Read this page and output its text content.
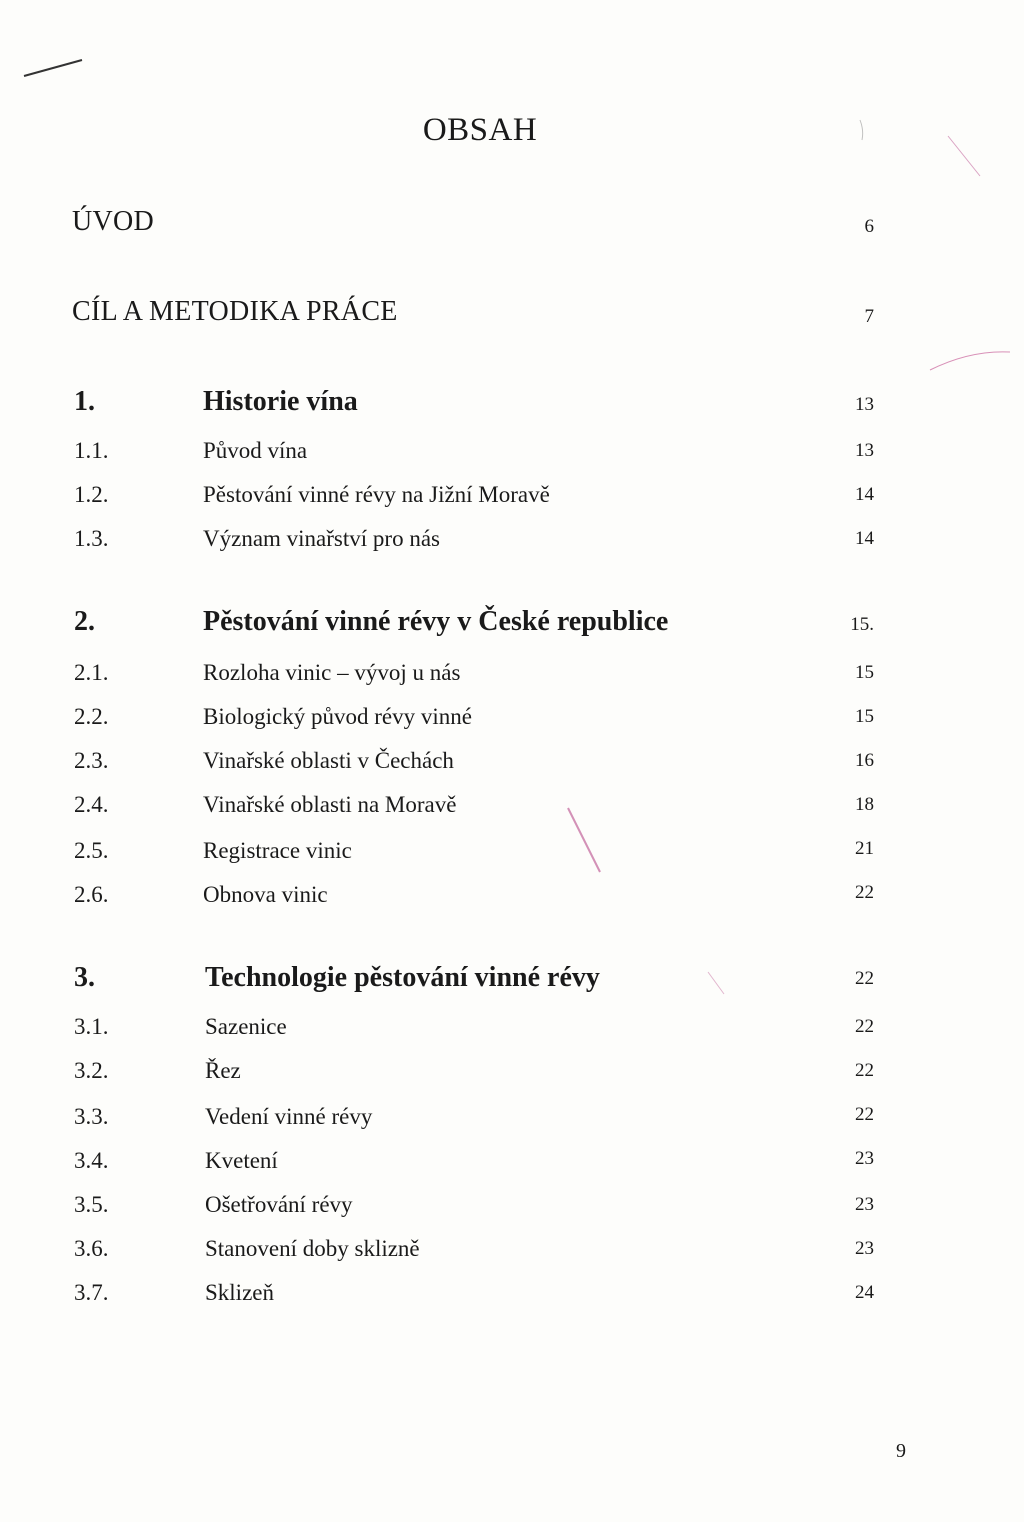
OBSAH
ÚVOD	6
CÍL A METODIKA PRÁCE	7
1.	Historie vína	13
1.1.	Původ vína	13
1.2.	Pěstování vinné révy na Jižní Moravě	14
1.3.	Význam vinařství pro nás	14
2.	Pěstování vinné révy v České republice	15.
2.1.	Rozloha vinic – vývoj u nás	15
2.2.	Biologický původ révy vinné	15
2.3.	Vinařské oblasti v Čechách	16
2.4.	Vinařské oblasti na Moravě	18
2.5.	Registrace vinic	21
2.6.	Obnova vinic	22
3.	Technologie pěstování vinné révy	22
3.1.	Sazenice	22
3.2.	Řez	22
3.3.	Vedení vinné révy	22
3.4.	Kvetení	23
3.5.	Ošetřování révy	23
3.6.	Stanovení doby sklizně	23
3.7.	Sklizeň	24
9
